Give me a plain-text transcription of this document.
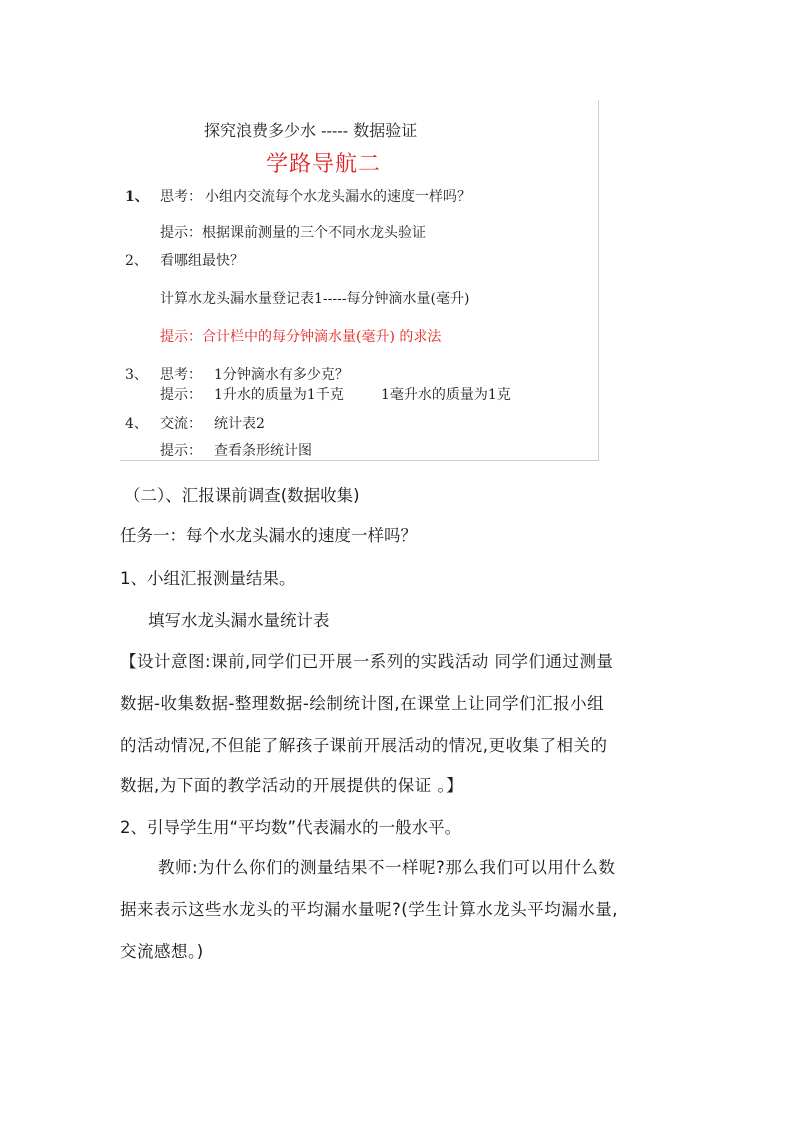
探究浪费多少水 ----- 数据验证
学路导航二
1、 思考： 小组内交流每个水龙头漏水的速度一样吗？
提示：根据课前测量的三个不同水龙头验证
2、 看哪组最快？
计算水龙头漏水量登记表1-----每分钟滴水量(毫升)
提示：合计栏中的每分钟滴水量(毫升) 的求法
3、 思考： 1分钟滴水有多少克？
提示： 1升水的质量为1千克	1毫升水的质量为1克
4、 交流： 统计表2
提示： 查看条形统计图
（二）、汇报课前调查(数据收集)
任务一：每个水龙头漏水的速度一样吗？
1、小组汇报测量结果。
填写水龙头漏水量统计表
【设计意图:课前,同学们已开展一系列的实践活动 同学们通过测量
数据-收集数据-整理数据-绘制统计图,在课堂上让同学们汇报小组
的活动情况,不但能了解孩子课前开展活动的情况,更收集了相关的
数据,为下面的教学活动的开展提供的保证 。】
2、引导学生用“平均数”代表漏水的一般水平。
教师:为什么你们的测量结果不一样呢?那么我们可以用什么数
据来表示这些水龙头的平均漏水量呢?(学生计算水龙头平均漏水量,
交流感想。)
